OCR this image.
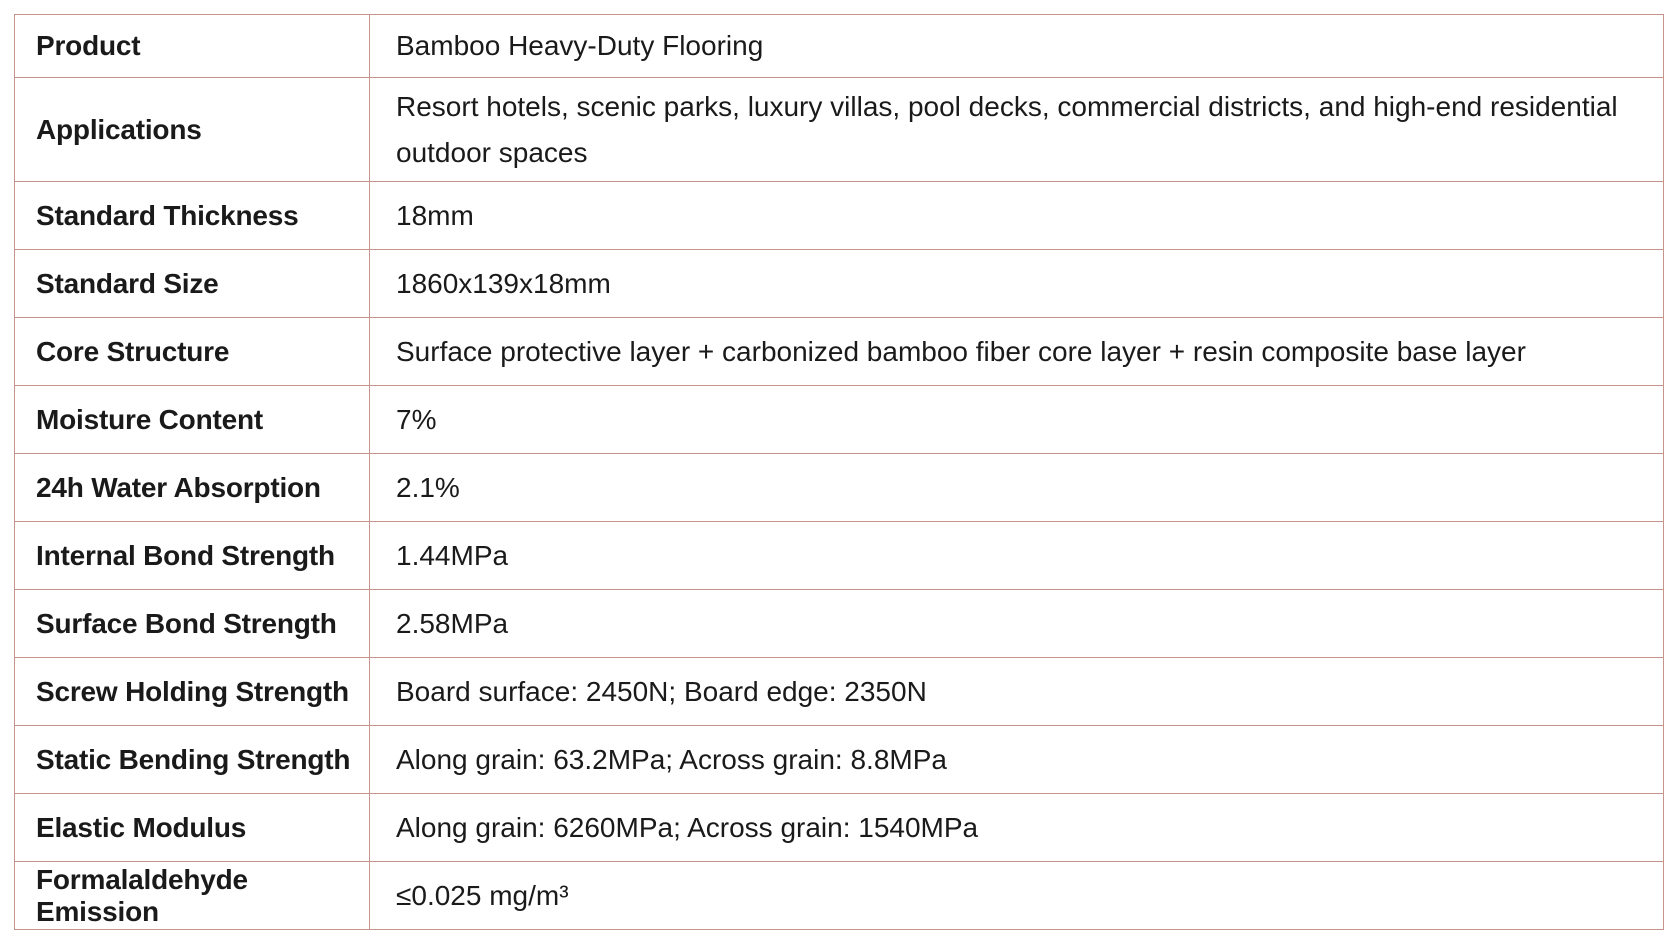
Product	Bamboo Heavy-Duty Flooring
Applications	Resort hotels, scenic parks, luxury villas, pool decks, commercial districts, and high-end residential outdoor spaces
Standard Thickness	18mm
Standard Size	1860x139x18mm
Core Structure	Surface protective layer + carbonized bamboo fiber core layer + resin composite base layer
Moisture Content	7%
24h Water Absorption	2.1%
Internal Bond Strength	1.44MPa
Surface Bond Strength	2.58MPa
Screw Holding Strength	Board surface: 2450N; Board edge: 2350N
Static Bending Strength	Along grain: 63.2MPa; Across grain: 8.8MPa
Elastic Modulus	Along grain: 6260MPa; Across grain: 1540MPa
Formalaldehyde Emission	≤0.025 mg/m³
